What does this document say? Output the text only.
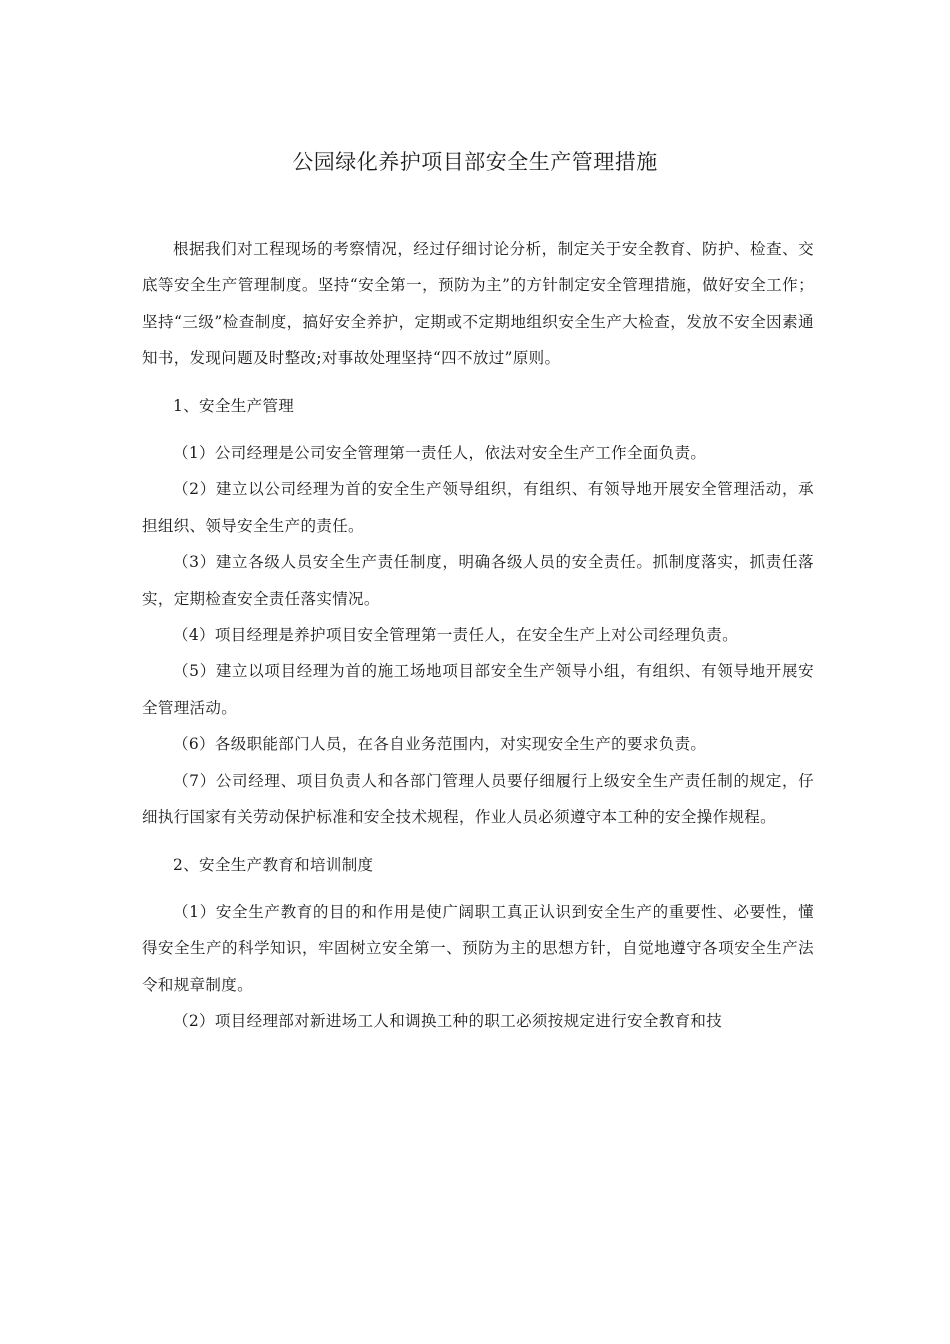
公园绿化养护项目部安全生产管理措施

根据我们对工程现场的考察情况，经过仔细讨论分析，制定关于安全教育、防护、检查、交底等安全生产管理制度。坚持“安全第一，预防为主”的方针制定安全管理措施，做好安全工作；坚持“三级”检查制度，搞好安全养护，定期或不定期地组织安全生产大检查，发放不安全因素通知书，发现问题及时整改;对事故处理坚持“四不放过”原则。

1、安全生产管理

（1）公司经理是公司安全管理第一责任人，依法对安全生产工作全面负责。

（2）建立以公司经理为首的安全生产领导组织，有组织、有领导地开展安全管理活动，承担组织、领导安全生产的责任。

（3）建立各级人员安全生产责任制度，明确各级人员的安全责任。抓制度落实，抓责任落实，定期检查安全责任落实情况。

（4）项目经理是养护项目安全管理第一责任人，在安全生产上对公司经理负责。

（5）建立以项目经理为首的施工场地项目部安全生产领导小组，有组织、有领导地开展安全管理活动。

（6）各级职能部门人员，在各自业务范围内，对实现安全生产的要求负责。

（7）公司经理、项目负责人和各部门管理人员要仔细履行上级安全生产责任制的规定，仔细执行国家有关劳动保护标准和安全技术规程，作业人员必须遵守本工种的安全操作规程。

2、安全生产教育和培训制度

（1）安全生产教育的目的和作用是使广阔职工真正认识到安全生产的重要性、必要性，懂得安全生产的科学知识，牢固树立安全第一、预防为主的思想方针，自觉地遵守各项安全生产法令和规章制度。

（2）项目经理部对新进场工人和调换工种的职工必须按规定进行安全教育和技
